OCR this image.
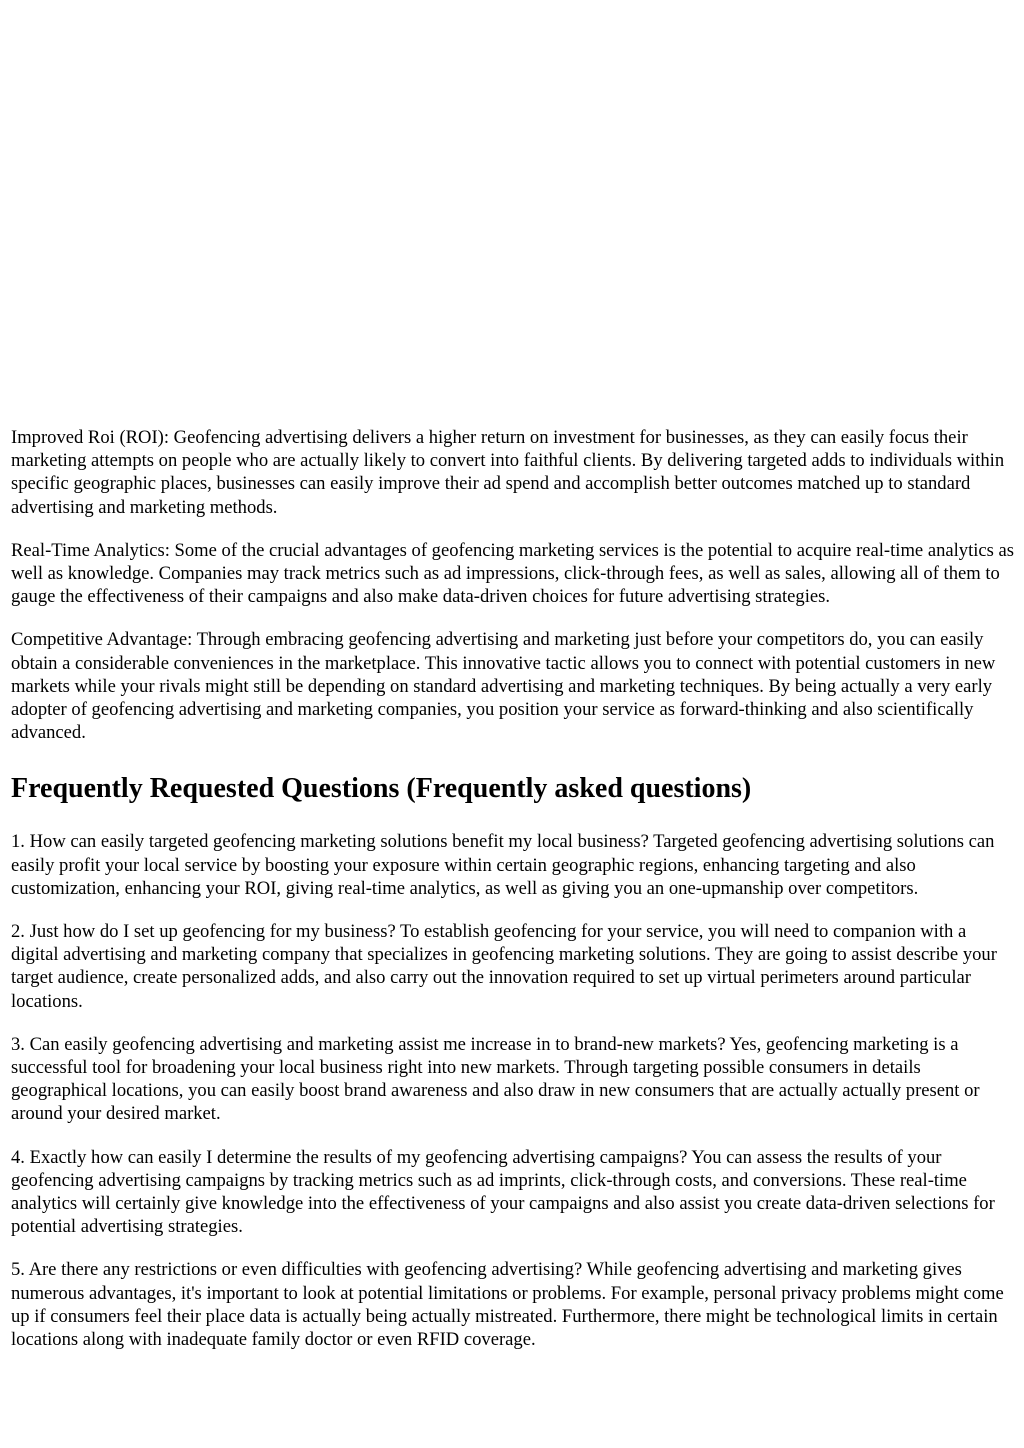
Improved Roi (ROI): Geofencing advertising delivers a higher return on investment for businesses, as they can easily focus their marketing attempts on people who are actually likely to convert into faithful clients. By delivering targeted adds to individuals within specific geographic places, businesses can easily improve their ad spend and accomplish better outcomes matched up to standard advertising and marketing methods.

Real-Time Analytics: Some of the crucial advantages of geofencing marketing services is the potential to acquire real-time analytics as well as knowledge. Companies may track metrics such as ad impressions, click-through fees, as well as sales, allowing all of them to gauge the effectiveness of their campaigns and also make data-driven choices for future advertising strategies.

Competitive Advantage: Through embracing geofencing advertising and marketing just before your competitors do, you can easily obtain a considerable conveniences in the marketplace. This innovative tactic allows you to connect with potential customers in new markets while your rivals might still be depending on standard advertising and marketing techniques. By being actually a very early adopter of geofencing advertising and marketing companies, you position your service as forward-thinking and also scientifically advanced.

Frequently Requested Questions (Frequently asked questions)

1. How can easily targeted geofencing marketing solutions benefit my local business? Targeted geofencing advertising solutions can easily profit your local service by boosting your exposure within certain geographic regions, enhancing targeting and also customization, enhancing your ROI, giving real-time analytics, as well as giving you an one-upmanship over competitors.

2. Just how do I set up geofencing for my business? To establish geofencing for your service, you will need to companion with a digital advertising and marketing company that specializes in geofencing marketing solutions. They are going to assist describe your target audience, create personalized adds, and also carry out the innovation required to set up virtual perimeters around particular locations.

3. Can easily geofencing advertising and marketing assist me increase in to brand-new markets? Yes, geofencing marketing is a successful tool for broadening your local business right into new markets. Through targeting possible consumers in details geographical locations, you can easily boost brand awareness and also draw in new consumers that are actually actually present or around your desired market.

4. Exactly how can easily I determine the results of my geofencing advertising campaigns? You can assess the results of your geofencing advertising campaigns by tracking metrics such as ad imprints, click-through costs, and conversions. These real-time analytics will certainly give knowledge into the effectiveness of your campaigns and also assist you create data-driven selections for potential advertising strategies.

5. Are there any restrictions or even difficulties with geofencing advertising? While geofencing advertising and marketing gives numerous advantages, it's important to look at potential limitations or problems. For example, personal privacy problems might come up if consumers feel their place data is actually being actually mistreated. Furthermore, there might be technological limits in certain locations along with inadequate family doctor or even RFID coverage.
